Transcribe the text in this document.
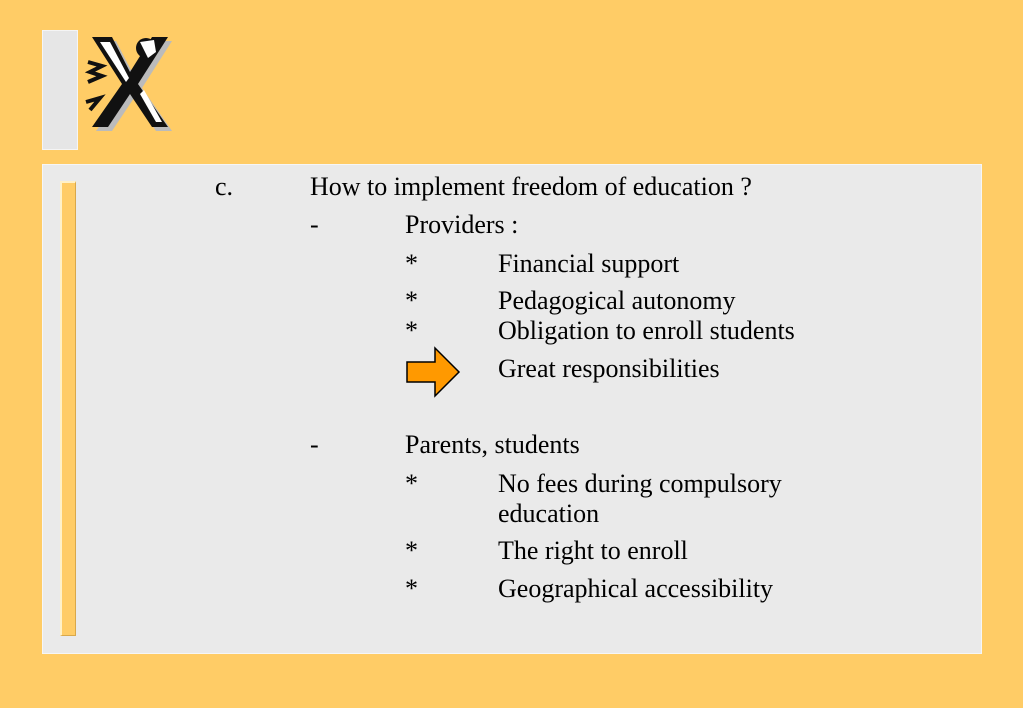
c.	How to implement freedom of education ?
-	Providers :
*	Financial support
*	Pedagogical autonomy
*	Obligation to enroll students
Great responsibilities
-	Parents, students
*	No fees during compulsory
education
*	The right to enroll
*	Geographical accessibility
